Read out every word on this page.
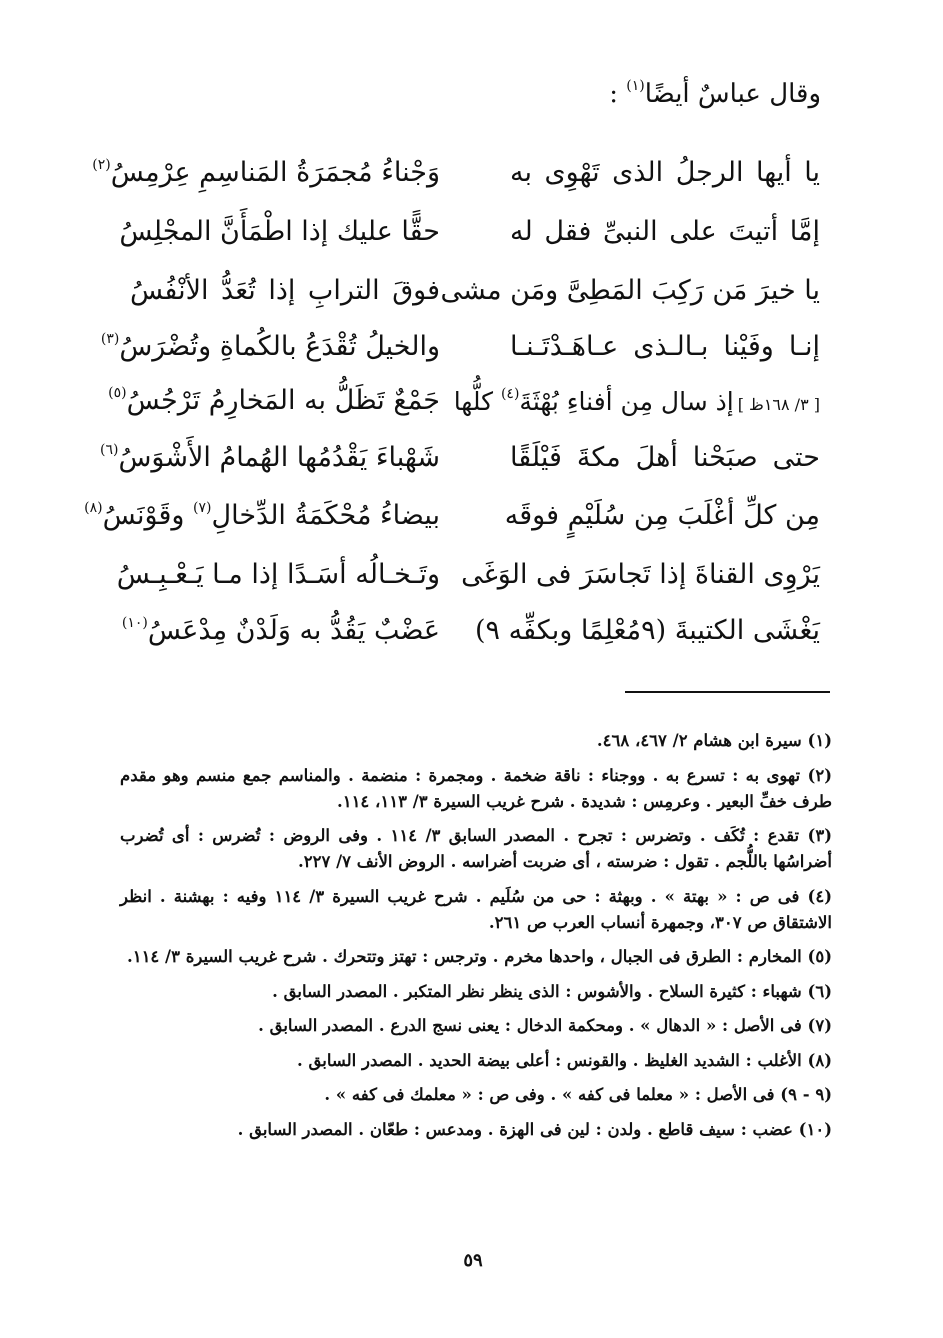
وقال عباسٌ أيضًا$^{(١)}$ :
يا أيها الرجلُ الذى تَهْوِى به
وَجْناءُ مُجمَرَةُ المَناسِمِ عِرْمِسُ$^{(٢)}$
إمَّا أتيتَ على النبىِّ فقل له
حقًّا عليك إذا اطْمَأَنَّ المجْلِسُ
يا خيرَ مَن رَكِبَ المَطِىَّ ومَن مشى
فوقَ الترابِ إذا تُعَدُّ الأنْفُسُ
إنـا وفَيْنا بـالـذى عـاهَـدْتَـنـا
والخيلُ تُقْدَعُ بالكُماةِ وتُضْرَسُ$^{(٣)}$
[ ٣/ ١٦٨ظ ]إذ سال مِن أفناءِ بُهْثَةَ$^{(٤)}$ كلُّها
جَمْعٌ تَظَلُّ به المَخارِمُ تَرْجُسُ$^{(٥)}$
حتى صبَحْنا أهلَ مكةَ فَيْلَقًا
شَهْباءَ يَقْدُمُها الهُمامُ الأَشْوَسُ$^{(٦)}$
مِن كلِّ أغْلَبَ مِن سُلَيْمٍ فوقَه
بيضاءُ مُحْكَمَةُ الدِّخالِ$^{(٧)}$ وقَوْنَسُ$^{(٨)}$
يَرْوِى القناةَ إذا تَجاسَرَ فى الوَغَى
وتَـخـالُه أسَـدًا إذا مـا يَـعْـبِـسُ
يَغْشَى الكتيبةَ (٩مُعْلِمًا وبكفِّه ٩)
عَضْبٌ يَقُدُّ به وَلَدْنٌ مِدْعَسُ$^{(١٠)}$

(١) سيرة ابن هشام ٢/ ٤٦٧، ٤٦٨.

(٢) تهوى به : تسرع به . ووجناء : ناقة ضخمة . ومجمرة : منضمة . والمناسم جمع منسم وهو مقدم طرف خفِّ البعير . وعرمِس : شديدة . شرح غريب السيرة ٣/ ١١٣، ١١٤.

(٣) تقدع : تُكَف . وتضرس : تجرح . المصدر السابق ٣/ ١١٤ . وفى الروض : تُضرس : أى تُضرب أضراسُها باللُّجم . تقول : ضرسته ، أى ضربت أضراسه . الروض الأنف ٧/ ٢٢٧.

(٤) فى ص : « بهتة » . وبهثة : حى من سُلَيم . شرح غريب السيرة ٣/ ١١٤ وفيه : بهشنة . انظر الاشتقاق ص ٣٠٧، وجمهرة أنساب العرب ص ٢٦١.

(٥) المخارم : الطرق فى الجبال ، واحدها مخرم . وترجس : تهتز وتتحرك . شرح غريب السيرة ٣/ ١١٤.

(٦) شهباء : كثيرة السلاح . والأشوس : الذى ينظر نظر المتكبر . المصدر السابق .

(٧) فى الأصل : « الدهال » . ومحكمة الدخال : يعنى نسج الدرع . المصدر السابق .

(٨) الأغلب : الشديد الغليظ . والقونس : أعلى بيضة الحديد . المصدر السابق .

(٩ - ٩) فى الأصل : « معلما فى كفه » . وفى ص : « معلمك فى كفه » .

(١٠) عضب : سيف قاطع . ولدن : لين فى الهزة . ومدعس : طعّان . المصدر السابق .

٥٩
